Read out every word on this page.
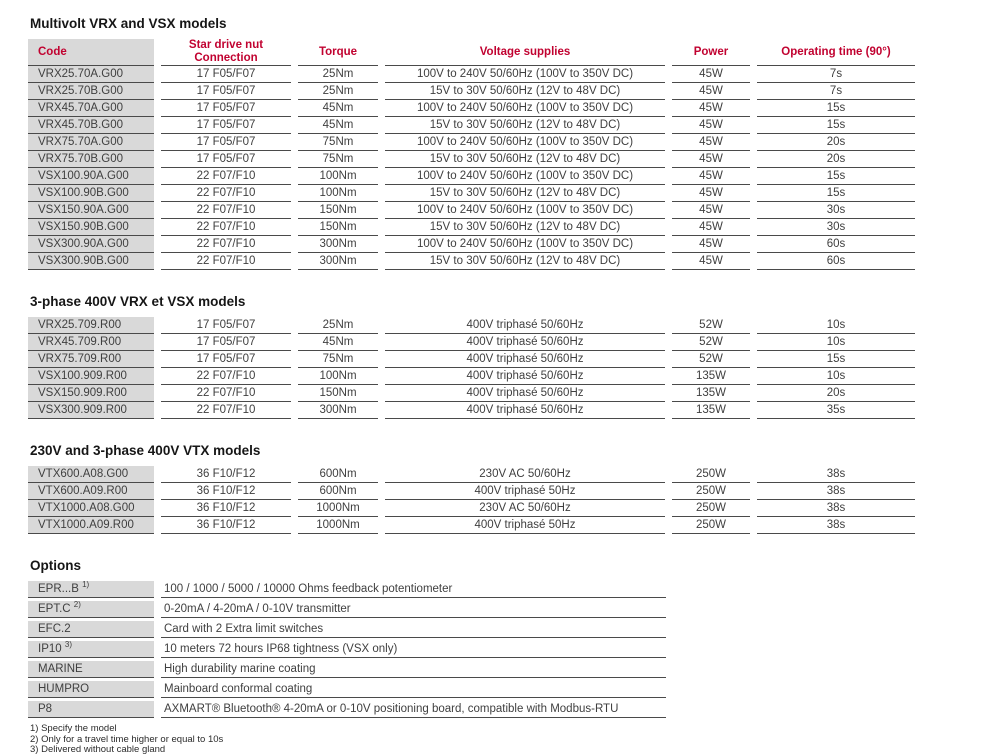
Multivolt VRX and VSX models
Code	Star drive nut Connection	Torque	Voltage supplies	Power	Operating time (90°)
VRX25.70A.G00	17 F05/F07	25Nm	100V to 240V 50/60Hz (100V to 350V DC)	45W	7s
VRX25.70B.G00	17 F05/F07	25Nm	15V to 30V 50/60Hz (12V to 48V DC)	45W	7s
VRX45.70A.G00	17 F05/F07	45Nm	100V to 240V 50/60Hz (100V to 350V DC)	45W	15s
VRX45.70B.G00	17 F05/F07	45Nm	15V to 30V 50/60Hz (12V to 48V DC)	45W	15s
VRX75.70A.G00	17 F05/F07	75Nm	100V to 240V 50/60Hz (100V to 350V DC)	45W	20s
VRX75.70B.G00	17 F05/F07	75Nm	15V to 30V 50/60Hz (12V to 48V DC)	45W	20s
VSX100.90A.G00	22 F07/F10	100Nm	100V to 240V 50/60Hz (100V to 350V DC)	45W	15s
VSX100.90B.G00	22 F07/F10	100Nm	15V to 30V 50/60Hz (12V to 48V DC)	45W	15s
VSX150.90A.G00	22 F07/F10	150Nm	100V to 240V 50/60Hz (100V to 350V DC)	45W	30s
VSX150.90B.G00	22 F07/F10	150Nm	15V to 30V 50/60Hz (12V to 48V DC)	45W	30s
VSX300.90A.G00	22 F07/F10	300Nm	100V to 240V 50/60Hz (100V to 350V DC)	45W	60s
VSX300.90B.G00	22 F07/F10	300Nm	15V to 30V 50/60Hz (12V to 48V DC)	45W	60s
3-phase 400V VRX et VSX models
VRX25.709.R00	17 F05/F07	25Nm	400V triphasé 50/60Hz	52W	10s
VRX45.709.R00	17 F05/F07	45Nm	400V triphasé 50/60Hz	52W	10s
VRX75.709.R00	17 F05/F07	75Nm	400V triphasé 50/60Hz	52W	15s
VSX100.909.R00	22 F07/F10	100Nm	400V triphasé 50/60Hz	135W	10s
VSX150.909.R00	22 F07/F10	150Nm	400V triphasé 50/60Hz	135W	20s
VSX300.909.R00	22 F07/F10	300Nm	400V triphasé 50/60Hz	135W	35s
230V and 3-phase 400V VTX models
VTX600.A08.G00	36 F10/F12	600Nm	230V AC 50/60Hz	250W	38s
VTX600.A09.R00	36 F10/F12	600Nm	400V triphasé 50Hz	250W	38s
VTX1000.A08.G00	36 F10/F12	1000Nm	230V AC 50/60Hz	250W	38s
VTX1000.A09.R00	36 F10/F12	1000Nm	400V triphasé 50Hz	250W	38s
Options
EPR...B $^{1)}$	100 / 1000 / 5000 / 10000 Ohms feedback potentiometer
EPT.C $^{2)}$	0-20mA / 4-20mA / 0-10V transmitter
EFC.2	Card with 2 Extra limit switches
IP10 $^{3)}$	10 meters 72 hours IP68 tightness (VSX only)
MARINE	High durability marine coating
HUMPRO	Mainboard conformal coating
P8	AXMART® Bluetooth® 4-20mA or 0-10V positioning board, compatible with Modbus-RTU
1) Specify the model
2) Only for a travel time higher or equal to 10s
3) Delivered without cable gland
